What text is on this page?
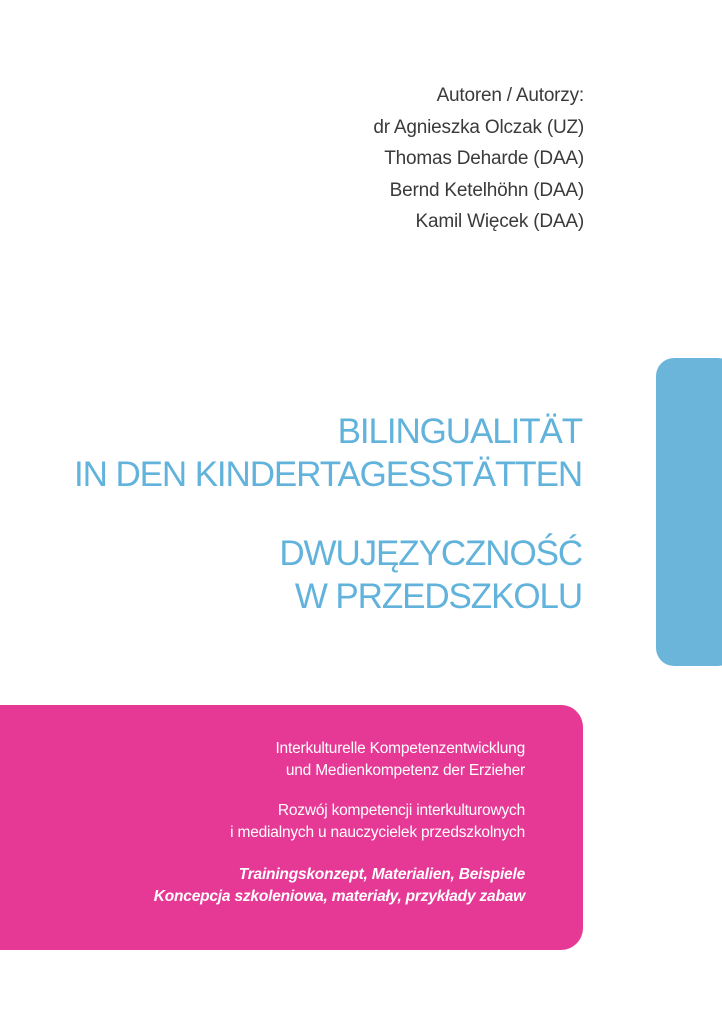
Autoren / Autorzy:
dr Agnieszka Olczak (UZ)
Thomas Deharde (DAA)
Bernd Ketelhöhn (DAA)
Kamil Więcek (DAA)
BILINGUALITÄT
IN DEN KINDERTAGESSTÄTTEN
DWUJĘZYCZNOŚĆ
W PRZEDSZKOLU
Interkulturelle Kompetenzentwicklung
und Medienkompetenz der Erzieher
Rozwój kompetencji interkulturowych
i medialnych u nauczycielek przedszkolnych
Trainingskonzept, Materialien, Beispiele
Koncepcja szkoleniowa, materiały, przykłady zabaw
